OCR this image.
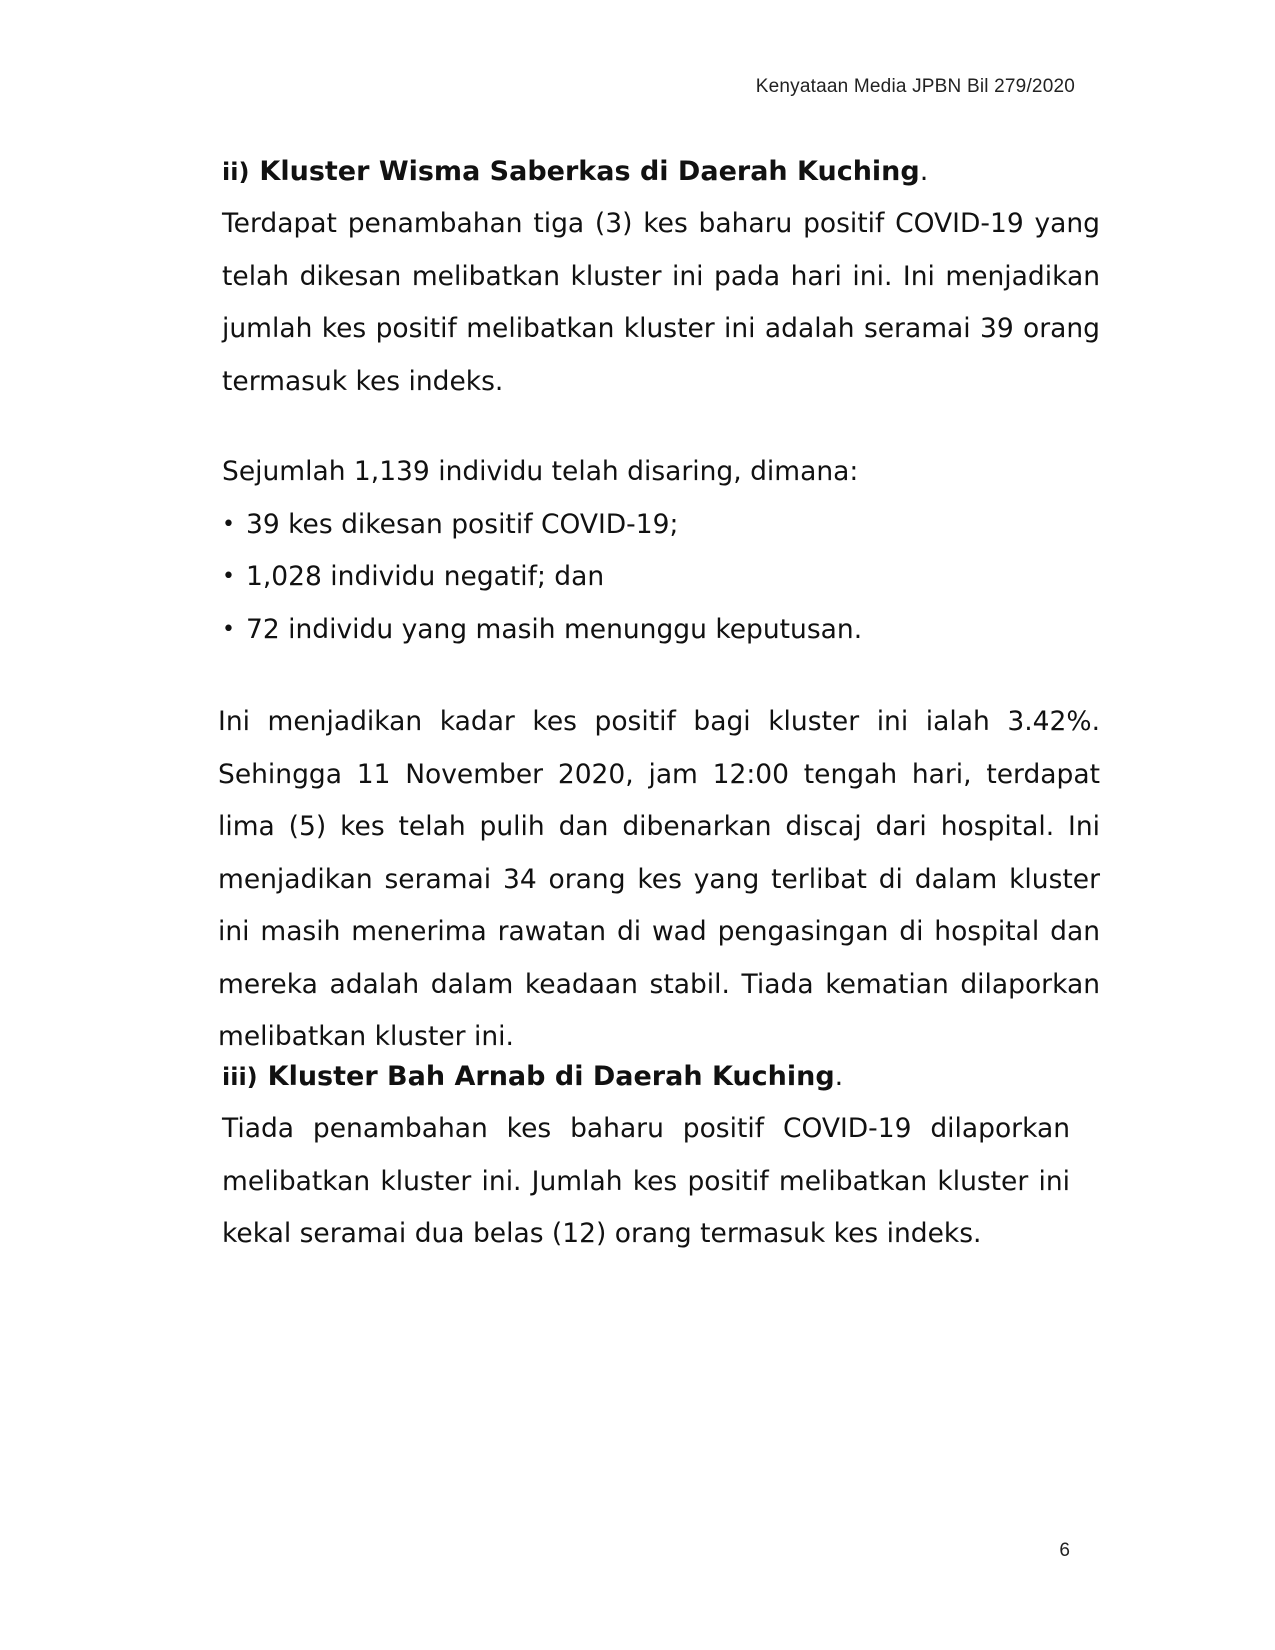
Kenyataan Media JPBN Bil 279/2020
ii) Kluster Wisma Saberkas di Daerah Kuching.

Terdapat penambahan tiga (3) kes baharu positif COVID-19 yang telah dikesan melibatkan kluster ini pada hari ini. Ini menjadikan jumlah kes positif melibatkan kluster ini adalah seramai 39 orang termasuk kes indeks.

Sejumlah 1,139 individu telah disaring, dimana:

• 39 kes dikesan positif COVID-19;
• 1,028 individu negatif; dan
• 72 individu yang masih menunggu keputusan.

Ini menjadikan kadar kes positif bagi kluster ini ialah 3.42%. Sehingga 11 November 2020, jam 12:00 tengah hari, terdapat lima (5) kes telah pulih dan dibenarkan discaj dari hospital. Ini menjadikan seramai 34 orang kes yang terlibat di dalam kluster ini masih menerima rawatan di wad pengasingan di hospital dan mereka adalah dalam keadaan stabil. Tiada kematian dilaporkan melibatkan kluster ini.

iii) Kluster Bah Arnab di Daerah Kuching.

Tiada penambahan kes baharu positif COVID-19 dilaporkan melibatkan kluster ini. Jumlah kes positif melibatkan kluster ini kekal seramai dua belas (12) orang termasuk kes indeks.

6
